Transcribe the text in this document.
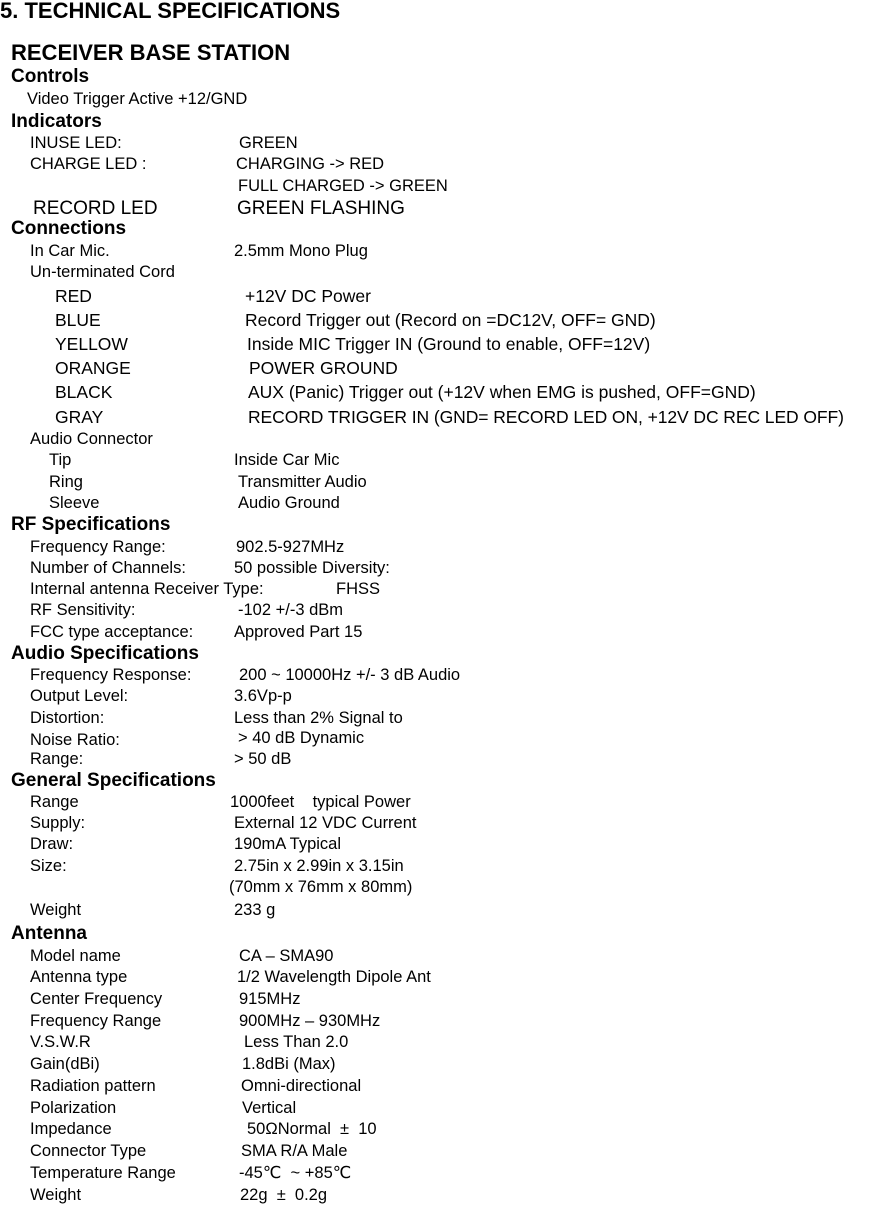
5. TECHNICAL SPECIFICATIONS
RECEIVER BASE STATION
Controls
Video Trigger Active +12/GND
Indicators
INUSE LED:	GREEN
CHARGE LED :	CHARGING -> RED
FULL CHARGED -> GREEN
RECORD LED	GREEN FLASHING
Connections
In Car Mic.	2.5mm Mono Plug
Un-terminated Cord
RED	+12V DC Power
BLUE	Record Trigger out (Record on =DC12V, OFF= GND)
YELLOW	Inside MIC Trigger IN (Ground to enable, OFF=12V)
ORANGE	POWER GROUND
BLACK	AUX (Panic) Trigger out (+12V when EMG is pushed, OFF=GND)
GRAY	RECORD TRIGGER IN (GND= RECORD LED ON, +12V DC REC LED OFF)
Audio Connector
Tip	Inside Car Mic
Ring	Transmitter Audio
Sleeve	Audio Ground
RF Specifications
Frequency Range:	902.5-927MHz
Number of Channels:	50 possible Diversity:
Internal antenna Receiver Type:	FHSS
RF Sensitivity:	-102 +/-3 dBm
FCC type acceptance: Approved Part 15
Audio Specifications
Frequency Response:	200 ~ 10000Hz +/- 3 dB Audio
Output Level:	3.6Vp-p
Distortion:	Less than 2% Signal to
Noise Ratio:	> 40 dB Dynamic
Range:	> 50 dB
General Specifications
Range	1000feet    typical Power
Supply:	External 12 VDC Current
Draw:	190mA Typical
Size:	2.75in x 2.99in x 3.15in
(70mm x 76mm x 80mm)
Weight	233 g
Antenna
Model name	CA – SMA90
Antenna type	1/2 Wavelength Dipole Ant
Center Frequency	915MHz
Frequency Range	900MHz – 930MHz
V.S.W.R	Less Than 2.0
Gain(dBi)	1.8dBi (Max)
Radiation pattern	Omni-directional
Polarization	Vertical
Impedance	50ΩNormal  ±  10
Connector Type	SMA R/A Male
Temperature Range	-45℃  ~ +85℃
Weight	22g  ±  0.2g
